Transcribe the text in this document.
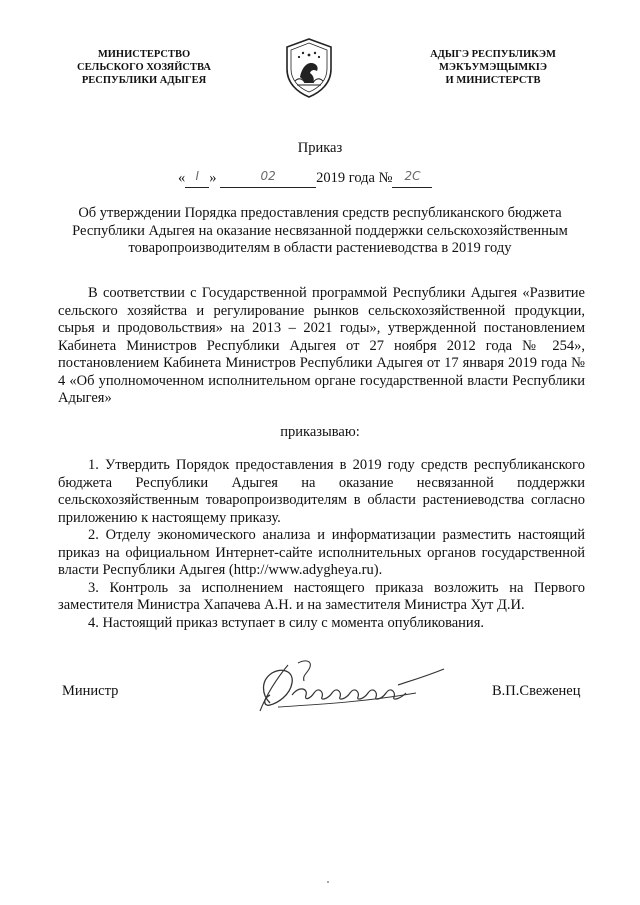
МИНИСТЕРСТВО
СЕЛЬСКОГО ХОЗЯЙСТВА
РЕСПУБЛИКИ АДЫГЕЯ
АДЫГЭ РЕСПУБЛИКЭМ
МЭКЪУМЭЩЫМКIЭ
И МИНИСТЕРСТВ
Приказ
« I »	02	2019 года № 2С
Об утверждении Порядка предоставления средств республиканского бюджета Республики Адыгея на оказание несвязанной поддержки сельскохозяйственным товаропроизводителям в области растениеводства в 2019 году
В соответствии с Государственной программой Республики Адыгея «Развитие сельского хозяйства и регулирование рынков сельскохозяйственной продукции, сырья и продовольствия» на 2013 – 2021 годы», утвержденной постановлением Кабинета Министров Республики Адыгея от 27 ноября 2012 года № 254», постановлением Кабинета Министров Республики Адыгея от 17 января 2019 года № 4 «Об уполномоченном исполнительном органе государственной власти Республики Адыгея»
приказываю:

1. Утвердить Порядок предоставления в 2019 году средств республиканского бюджета Республики Адыгея на оказание несвязанной поддержки сельскохозяйственным товаропроизводителям в области растениеводства согласно приложению к настоящему приказу.

2. Отделу экономического анализа и информатизации разместить настоящий приказ на официальном Интернет-сайте исполнительных органов государственной власти Республики Адыгея (http://www.adygheya.ru).

3. Контроль за исполнением настоящего приказа возложить на Первого заместителя Министра Хапачева А.Н. и на заместителя Министра Хут Д.И.

4. Настоящий приказ вступает в силу с момента опубликования.

Министр	В.П.Свеженец
